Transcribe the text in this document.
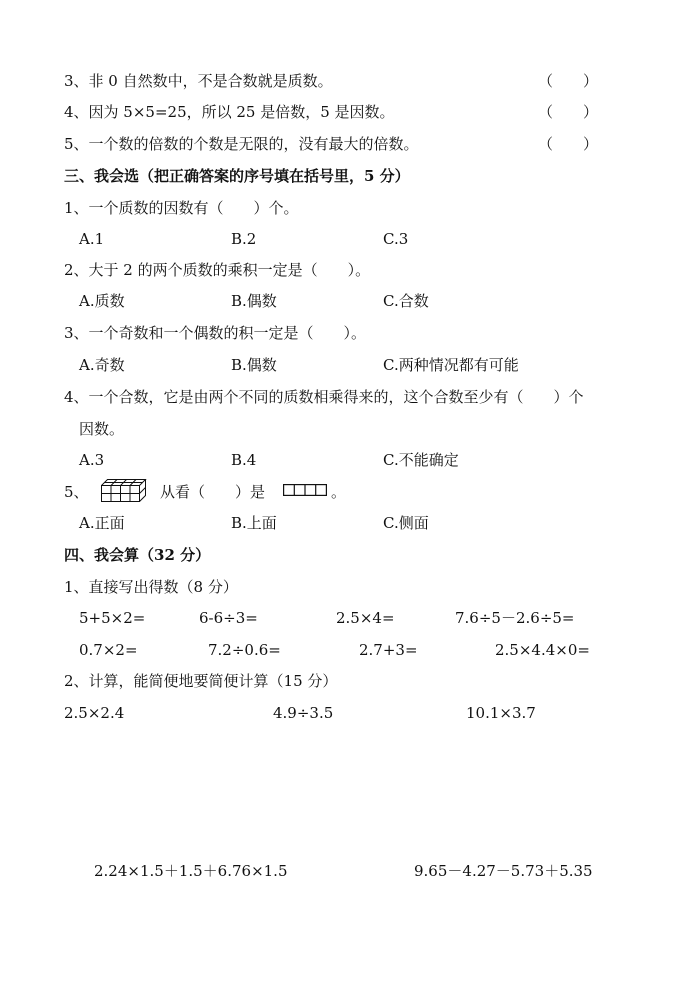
3、非 0 自然数中，不是合数就是质数。	（　　）
4、因为 5×5=25，所以 25 是倍数，5 是因数。	（　　）
5、一个数的倍数的个数是无限的，没有最大的倍数。	（　　）
三、我会选（把正确答案的序号填在括号里，5 分）
1、一个质数的因数有（　　）个。
A.1	B.2	C.3
2、大于 2 的两个质数的乘积一定是（　　）。
A.质数	B.偶数	C.合数
3、一个奇数和一个偶数的积一定是（　　）。
A.奇数	B.偶数	C.两种情况都有可能
4、一个合数，它是由两个不同的质数相乘得来的，这个合数至少有（　　）个
因数。
A.3	B.4	C.不能确定
5、	从看（　　）是	。
A.正面	B.上面	C.侧面
四、我会算（32 分）
1、直接写出得数（8 分）
5+5×2=	6-6÷3=	2.5×4=	7.6÷5－2.6÷5=
0.7×2=	7.2÷0.6=	2.7+3=	2.5×4.4×0=
2、计算，能简便地要简便计算（15 分）
2.5×2.4	4.9÷3.5	10.1×3.7
2.24×1.5＋1.5＋6.76×1.5	9.65－4.27－5.73＋5.35
